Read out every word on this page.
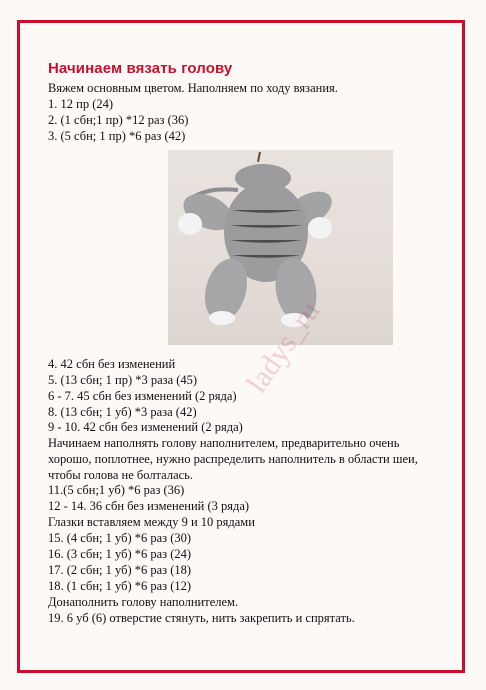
Начинаем вязать голову

Вяжем основным цветом. Наполняем по ходу вязания.

1. 12 пр (24)

2. (1 сбн;1 пр) *12 раз (36)

3. (5 сбн; 1 пр) *6 раз (42)

4. 42 сбн без изменений

5. (13 сбн; 1 пр) *3 раза (45)

6 - 7. 45 сбн без изменений (2 ряда)

8. (13 сбн; 1 уб) *3 раза (42)

9 - 10. 42 сбн без изменений (2 ряда)

Начинаем наполнять голову наполнителем, предварительно очень хорошо, поплотнее, нужно распределить наполнитель в области шеи, чтобы голова не болталась.

11.(5 сбн;1 уб) *6 раз (36)

12 - 14. 36 сбн без изменений (3 ряда)

Глазки вставляем между 9 и 10 рядами

15. (4 сбн; 1 уб) *6 раз (30)

16. (3 сбн; 1 уб) *6 раз (24)

17. (2 сбн; 1 уб) *6 раз (18)

18. (1 сбн; 1 уб) *6 раз (12)

Донаполнить голову наполнителем.

19. 6 уб (6) отверстие стянуть, нить закрепить и спрятать.
